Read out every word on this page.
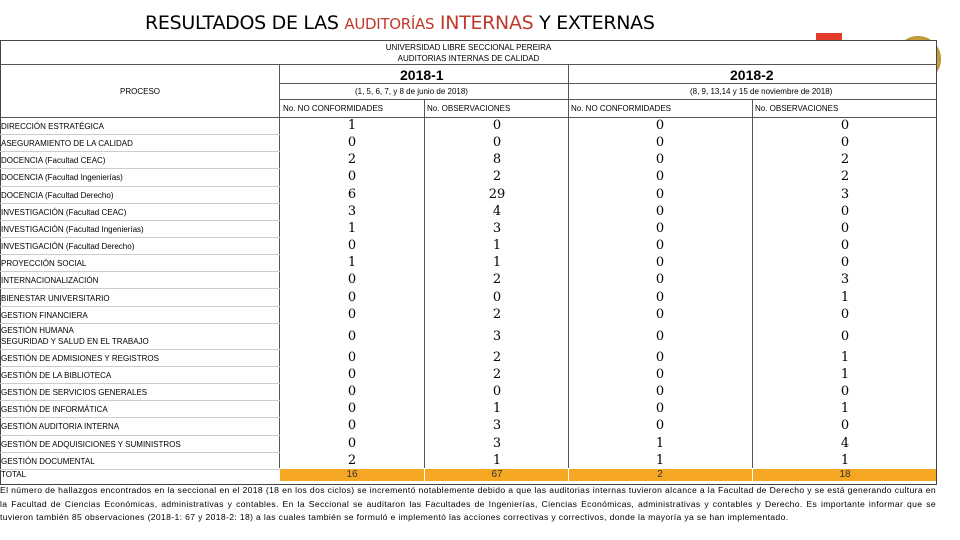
RESULTADOS DE LAS AUDITORÍAS INTERNAS Y EXTERNAS
UNIVERSIDAD LIBRE SECCIONAL PEREIRA
AUDITORIAS INTERNAS DE CALIDAD
PROCESO
2018-1
(1, 5, 6, 7, y 8 de junio de 2018)
2018-2
(8, 9, 13,14 y 15 de noviembre de 2018)
No. NO CONFORMIDADES	No. OBSERVACIONES	No. NO CONFORMIDADES	No. OBSERVACIONES
DIRECCIÓN ESTRATÉGICA	1	0	0	0
ASEGURAMIENTO DE LA CALIDAD	0	0	0	0
DOCENCIA (Facultad CEAC)	2	8	0	2
DOCENCIA (Facultad Ingenierías)	0	2	0	2
DOCENCIA (Facultad Derecho)	6	29	0	3
INVESTIGACIÓN (Facultad CEAC)	3	4	0	0
INVESTIGACIÓN (Facultad Ingenierías)	1	3	0	0
INVESTIGACIÓN (Facultad Derecho)	0	1	0	0
PROYECCIÓN SOCIAL	1	1	0	0
INTERNACIONALIZACIÓN	0	2	0	3
BIENESTAR UNIVERSITARIO	0	0	0	1
GESTION FINANCIERA	0	2	0	0
GESTIÓN HUMANA
SEGURIDAD Y SALUD EN EL TRABAJO	0	3	0	0
GESTIÓN DE ADMISIONES Y REGISTROS	0	2	0	1
GESTIÓN DE LA BIBLIOTECA	0	2	0	1
GESTIÓN DE SERVICIOS GENERALES	0	0	0	0
GESTIÓN DE INFORMÁTICA	0	1	0	1
GESTIÓN AUDITORIA INTERNA	0	3	0	0
GESTIÓN DE ADQUISICIONES Y SUMINISTROS	0	3	1	4
GESTIÓN DOCUMENTAL	2	1	1	1
TOTAL	16	67	2	18
El número de hallazgos encontrados en la seccional en el 2018 (18 en los dos ciclos) se incrementó notablemente debido a que las auditorias internas tuvieron alcance a la Facultad de Derecho y se está generando cultura en la Facultad de Ciencias Económicas, administrativas y contables. En la Seccional se auditaron las Facultades de Ingenierías, Ciencias Económicas, administrativas y contables y Derecho. Es importante informar que se tuvieron también 85 observaciones (2018-1: 67 y 2018-2: 18) a las cuales también se formuló e implementó las acciones correctivas y correctivos, donde la mayoría ya se han implementado.
